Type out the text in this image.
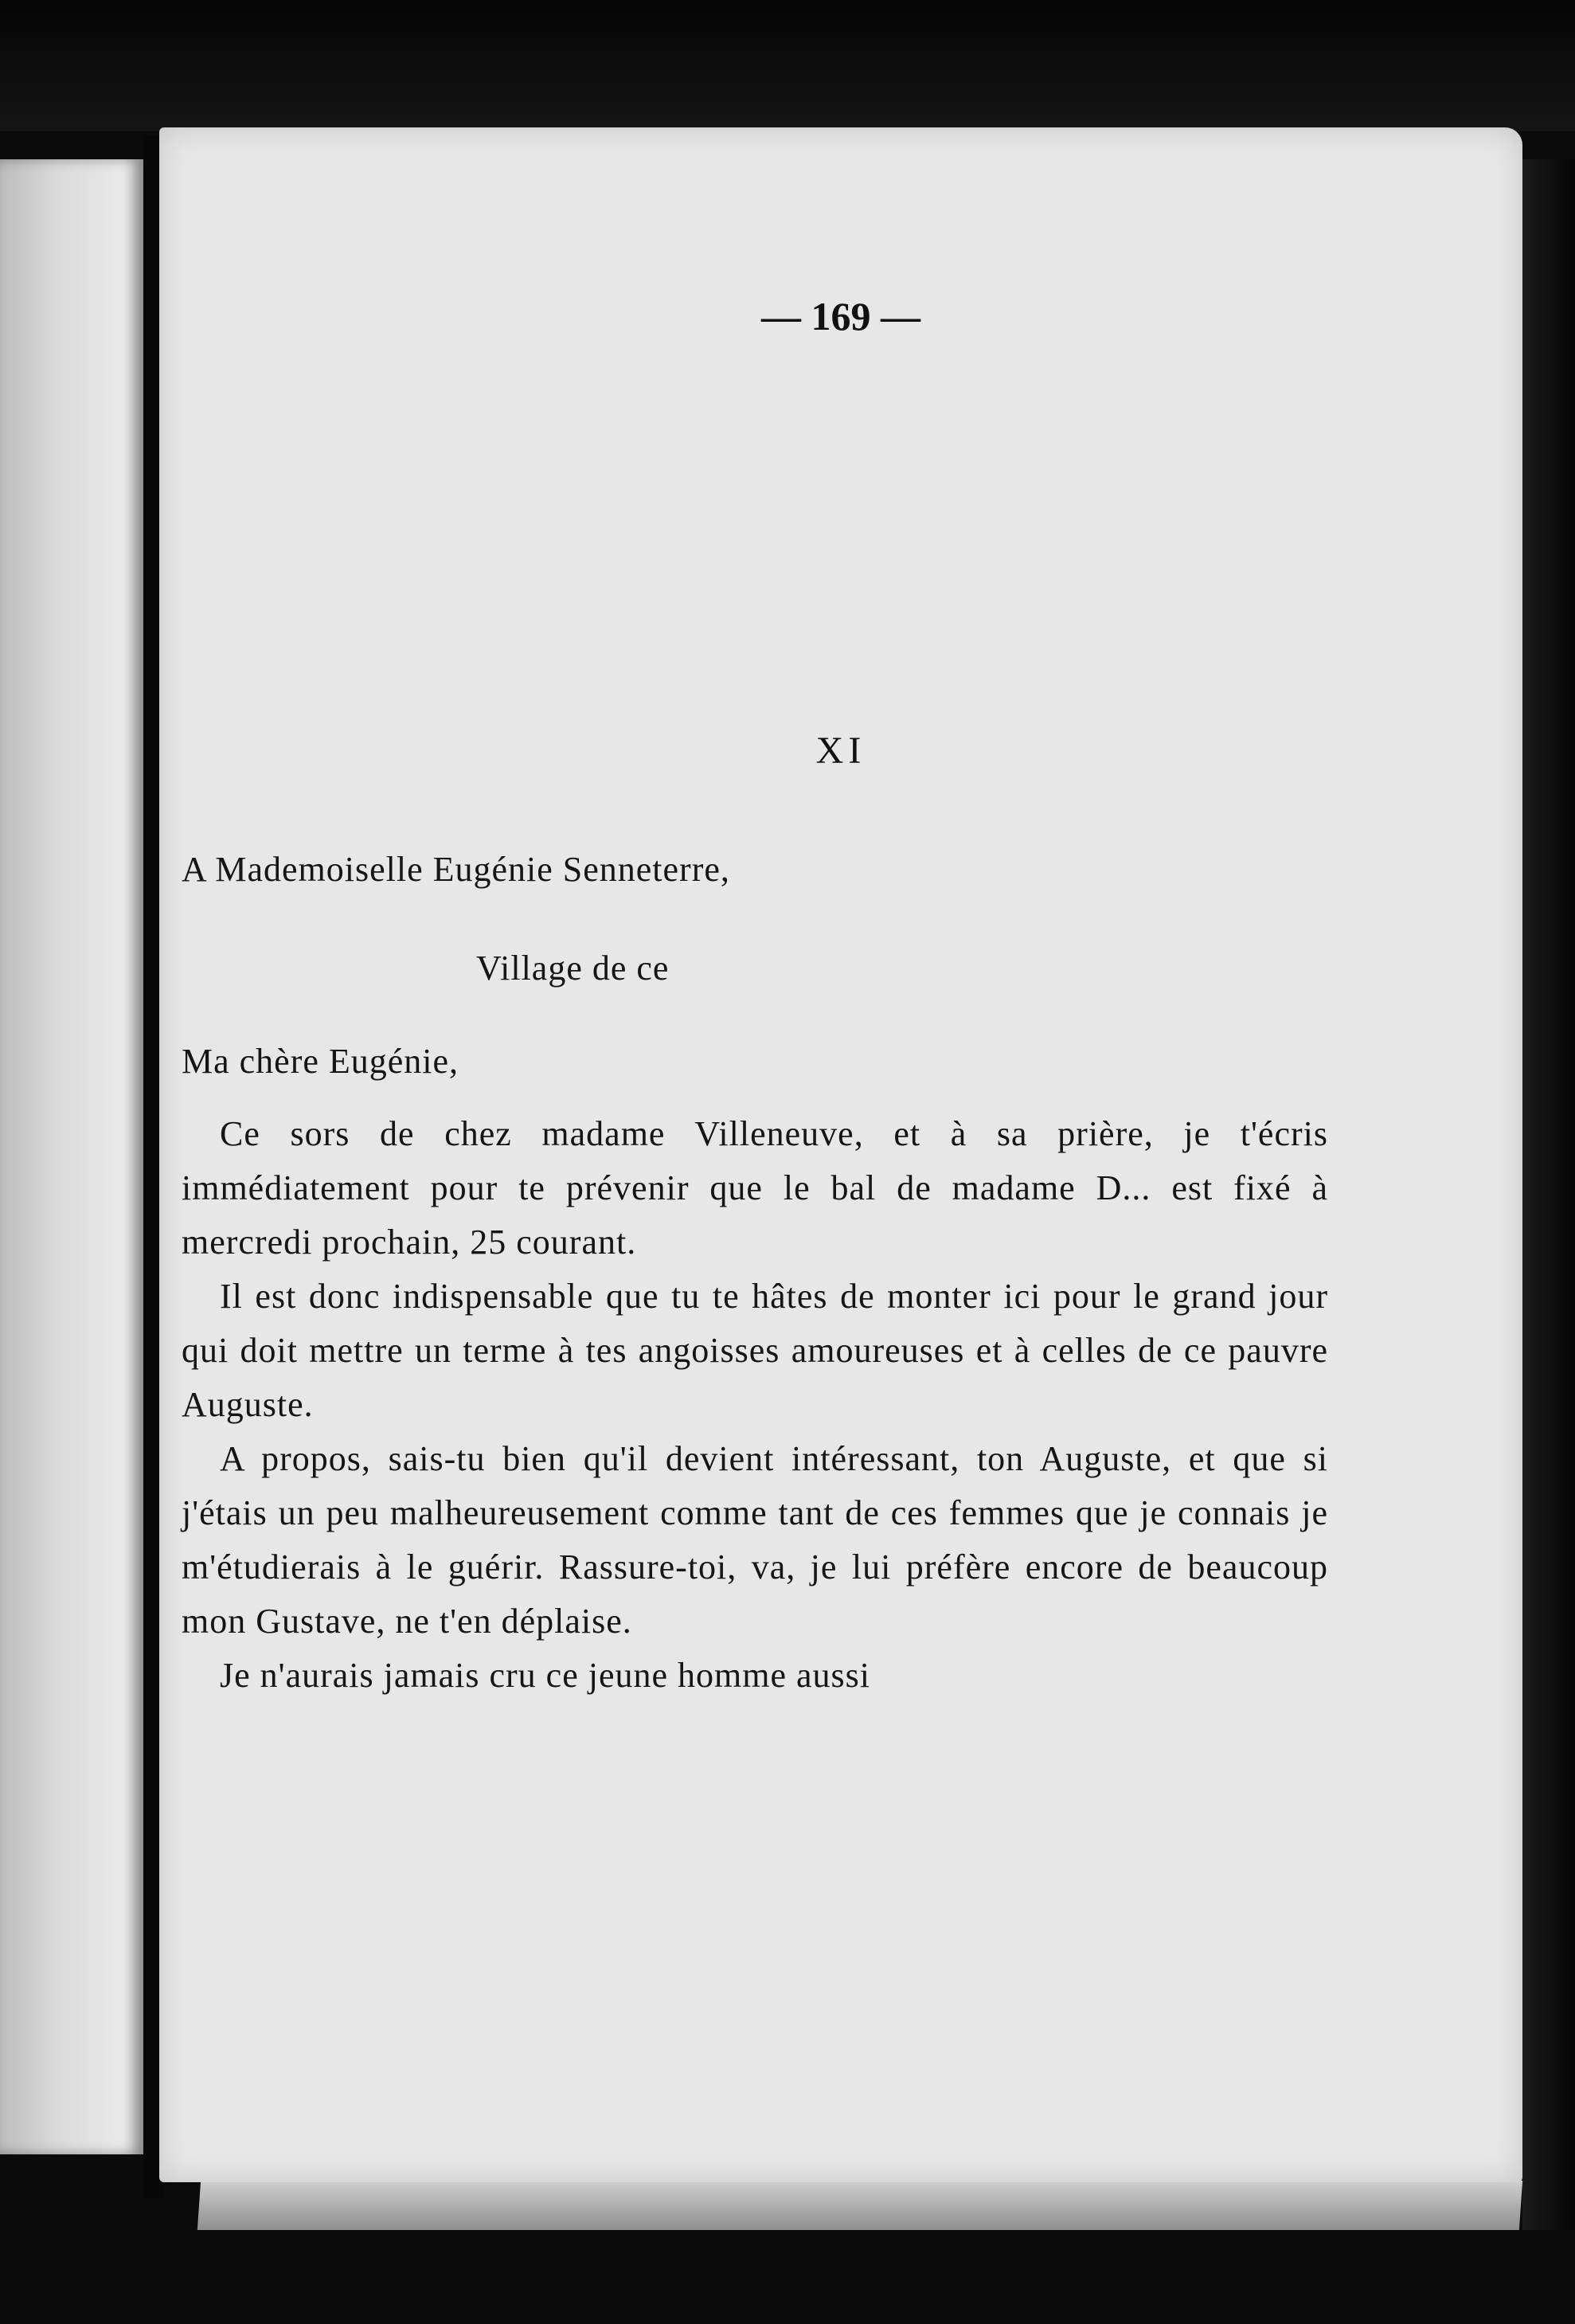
— 169 —
XI
A Mademoiselle Eugénie Senneterre,
Village de ce
Ma chère Eugénie,

Ce sors de chez madame Villeneuve, et à sa prière, je t'écris immédiatement pour te prévenir que le bal de madame D... est fixé à mercredi prochain, 25 courant.

Il est donc indispensable que tu te hâtes de monter ici pour le grand jour qui doit mettre un terme à tes angoisses amoureuses et à celles de ce pauvre Auguste.

A propos, sais-tu bien qu'il devient intéressant, ton Auguste, et que si j'étais un peu malheureusement comme tant de ces femmes que je connais je m'étudierais à le guérir. Rassure-toi, va, je lui préfère encore de beaucoup mon Gustave, ne t'en déplaise.

Je n'aurais jamais cru ce jeune homme aussi
